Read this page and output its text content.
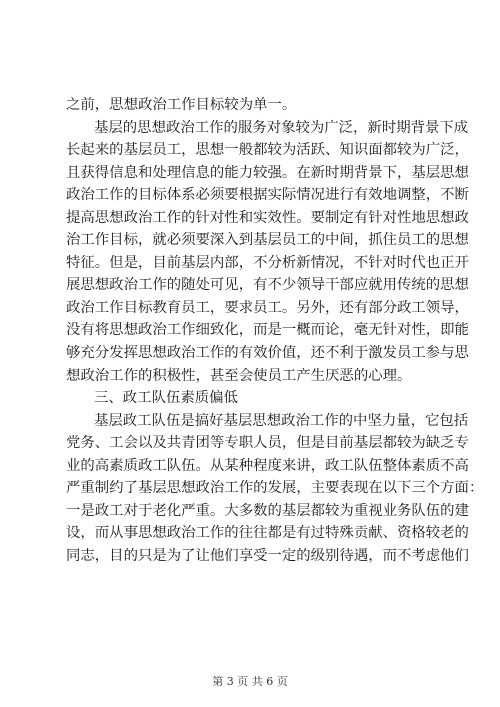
之前，思想政治工作目标较为单一。
基层的思想政治工作的服务对象较为广泛，新时期背景下成
长起来的基层员工，思想一般都较为活跃、知识面都较为广泛，
且获得信息和处理信息的能力较强。在新时期背景下，基层思想
政治工作的目标体系必须要根据实际情况进行有效地调整，不断
提高思想政治工作的针对性和实效性。要制定有针对性地思想政
治工作目标，就必须要深入到基层员工的中间，抓住员工的思想
特征。但是，目前基层内部，不分析新情况，不针对时代也正开
展思想政治工作的随处可见，有不少领导干部应就用传统的思想
政治工作目标教育员工，要求员工。另外，还有部分政工领导，
没有将思想政治工作细致化，而是一概而论，毫无针对性，即能
够充分发挥思想政治工作的有效价值，还不利于激发员工参与思
想政治工作的积极性，甚至会使员工产生厌恶的心理。
三、政工队伍素质偏低
基层政工队伍是搞好基层思想政治工作的中坚力量，它包括
党务、工会以及共青团等专职人员，但是目前基层都较为缺乏专
业的高素质政工队伍。从某种程度来讲，政工队伍整体素质不高
严重制约了基层思想政治工作的发展，主要表现在以下三个方面：
一是政工对于老化严重。大多数的基层都较为重视业务队伍的建
设，而从事思想政治工作的往往都是有过特殊贡献、资格较老的
同志，目的只是为了让他们享受一定的级别待遇，而不考虑他们
第 3 页 共 6 页
